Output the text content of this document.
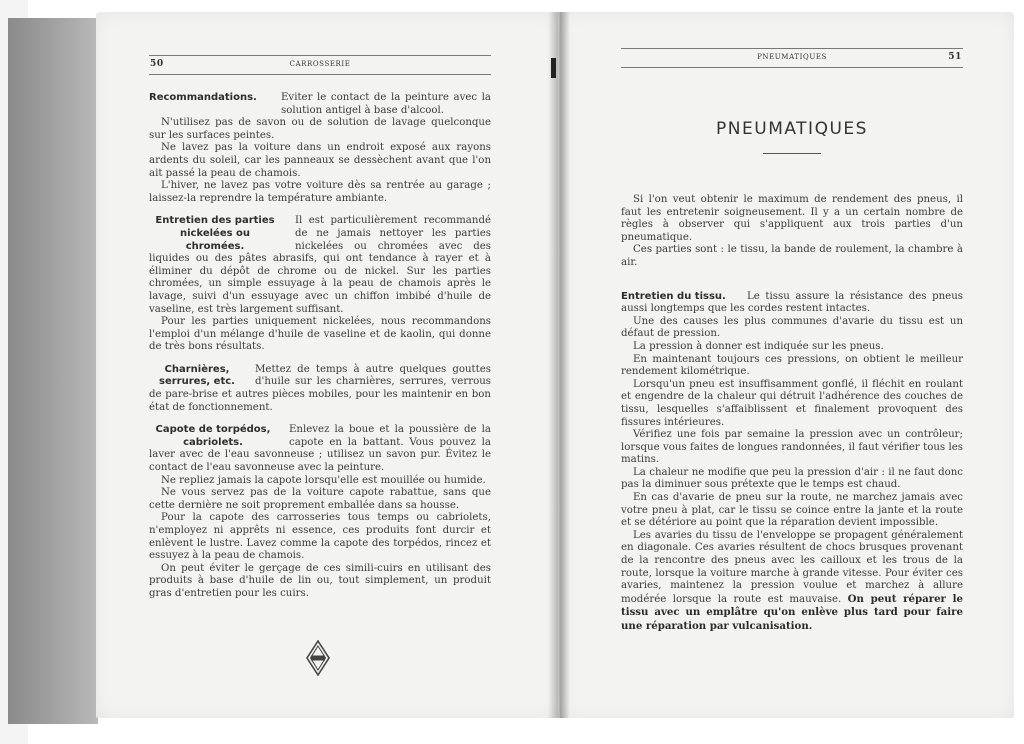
50	CARROSSERIE
Recommandations.	Éviter le contact de la peinture avec la solution antigel à base d'alcool.

N'utilisez pas de savon ou de solution de lavage quelconque sur les surfaces peintes.

Ne lavez pas la voiture dans un endroit exposé aux rayons ardents du soleil, car les panneaux se dessèchent avant que l'on ait passé la peau de chamois.

L'hiver, ne lavez pas votre voiture dès sa rentrée au garage ; laissez-la reprendre la température ambiante.

Entretien des parties nickelées ou chromées.

Il est particulièrement recommandé de ne jamais nettoyer les parties nickelées ou chromées avec des liquides ou des pâtes abrasifs, qui ont tendance à rayer et à éliminer du dépôt de chrome ou de nickel. Sur les parties chromées, un simple essuyage à la peau de chamois après le lavage, suivi d'un essuyage avec un chiffon imbibé d'huile de vaseline, est très largement suffisant.

Pour les parties uniquement nickelées, nous recommandons l'emploi d'un mélange d'huile de vaseline et de kaolin, qui donne de très bons résultats.

Charnières, serrures, etc.

Mettez de temps à autre quelques gouttes d'huile sur les charnières, serrures, verrous de pare-brise et autres pièces mobiles, pour les maintenir en bon état de fonctionnement.

Capote de torpédos, cabriolets.

Enlevez la boue et la poussière de la capote en la battant. Vous pouvez la laver avec de l'eau savonneuse ; utilisez un savon pur. Évitez le contact de l'eau savonneuse avec la peinture.

Ne repliez jamais la capote lorsqu'elle est mouillée ou humide.

Ne vous servez pas de la voiture capote rabattue, sans que cette dernière ne soit proprement emballée dans sa housse.

Pour la capote des carrosseries tous temps ou cabriolets, n'employez ni apprêts ni essence, ces produits font durcir et enlèvent le lustre. Lavez comme la capote des torpédos, rincez et essuyez à la peau de chamois.

On peut éviter le gerçage de ces simili-cuirs en utilisant des produits à base d'huile de lin ou, tout simplement, un produit gras d'entretien pour les cuirs.

PNEUMATIQUES	51
PNEUMATIQUES

Si l'on veut obtenir le maximum de rendement des pneus, il faut les entretenir soigneusement. Il y a un certain nombre de règles à observer qui s'appliquent aux trois parties d'un pneumatique.

Ces parties sont : le tissu, la bande de roulement, la chambre à air.

Entretien du tissu.	Le tissu assure la résistance des pneus aussi longtemps que les cordes restent intactes.

Une des causes les plus communes d'avarie du tissu est un défaut de pression.

La pression à donner est indiquée sur les pneus.

En maintenant toujours ces pressions, on obtient le meilleur rendement kilométrique.

Lorsqu'un pneu est insuffisamment gonflé, il fléchit en roulant et engendre de la chaleur qui détruit l'adhérence des couches de tissu, lesquelles s'affaiblissent et finalement provoquent des fissures intérieures.

Vérifiez une fois par semaine la pression avec un contrôleur; lorsque vous faites de longues randonnées, il faut vérifier tous les matins.

La chaleur ne modifie que peu la pression d'air : il ne faut donc pas la diminuer sous prétexte que le temps est chaud.

En cas d'avarie de pneu sur la route, ne marchez jamais avec votre pneu à plat, car le tissu se coince entre la jante et la route et se détériore au point que la réparation devient impossible.

Les avaries du tissu de l'enveloppe se propagent généralement en diagonale. Ces avaries résultent de chocs brusques provenant de la rencontre des pneus avec les cailloux et les trous de la route, lorsque la voiture marche à grande vitesse. Pour éviter ces avaries, maintenez la pression voulue et marchez à allure modérée lorsque la route est mauvaise. On peut réparer le tissu avec un emplâtre qu'on enlève plus tard pour faire une réparation par vulcanisation.
